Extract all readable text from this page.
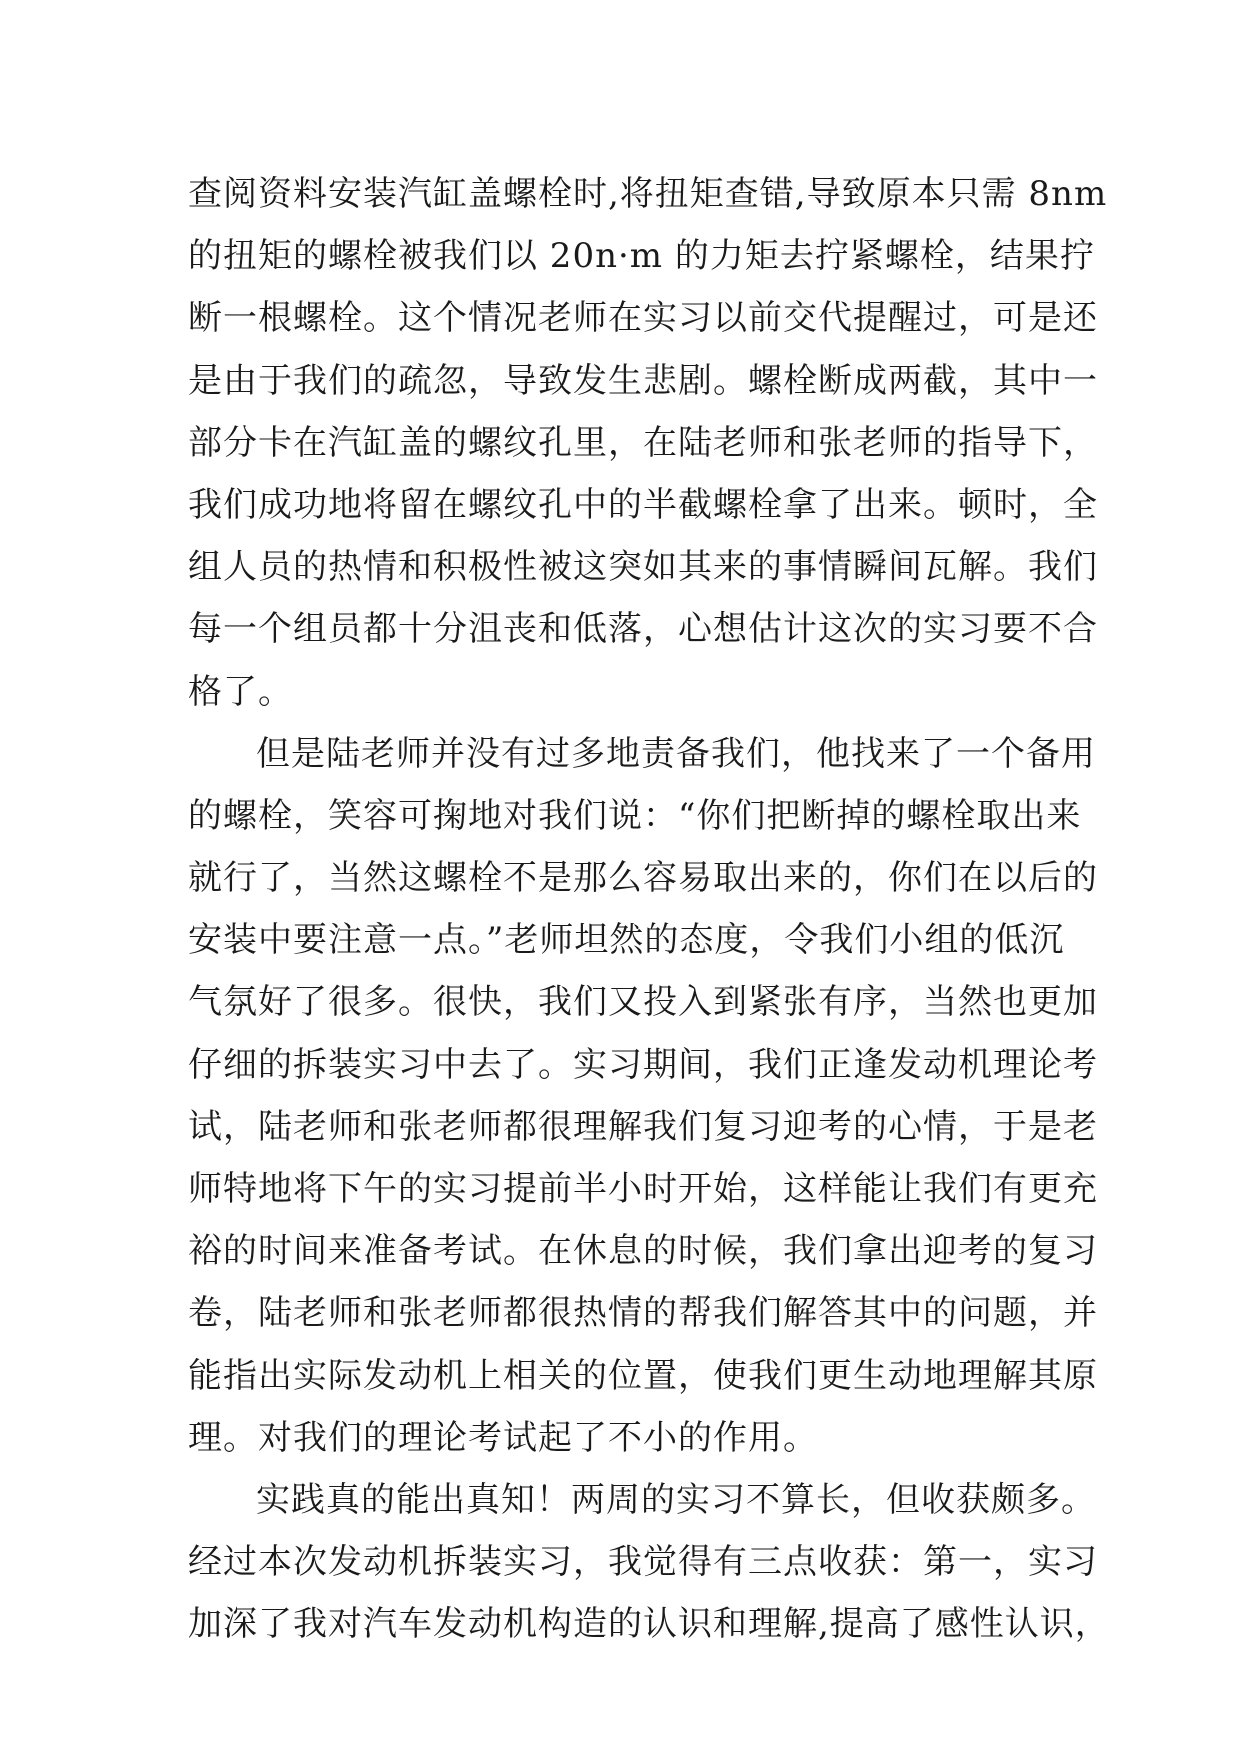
查阅资料安装汽缸盖螺栓时,将扭矩查错,导致原本只需 8nm
的扭矩的螺栓被我们以 20n·m 的力矩去拧紧螺栓，结果拧
断一根螺栓。这个情况老师在实习以前交代提醒过，可是还
是由于我们的疏忽，导致发生悲剧。螺栓断成两截，其中一
部分卡在汽缸盖的螺纹孔里，在陆老师和张老师的指导下，
我们成功地将留在螺纹孔中的半截螺栓拿了出来。顿时，全
组人员的热情和积极性被这突如其来的事情瞬间瓦解。我们
每一个组员都十分沮丧和低落，心想估计这次的实习要不合
格了。
但是陆老师并没有过多地责备我们，他找来了一个备用
的螺栓，笑容可掬地对我们说：“你们把断掉的螺栓取出来
就行了，当然这螺栓不是那么容易取出来的，你们在以后的
安装中要注意一点。”老师坦然的态度，令我们小组的低沉
气氛好了很多。很快，我们又投入到紧张有序，当然也更加
仔细的拆装实习中去了。实习期间，我们正逢发动机理论考
试，陆老师和张老师都很理解我们复习迎考的心情，于是老
师特地将下午的实习提前半小时开始，这样能让我们有更充
裕的时间来准备考试。在休息的时候，我们拿出迎考的复习
卷，陆老师和张老师都很热情的帮我们解答其中的问题，并
能指出实际发动机上相关的位置，使我们更生动地理解其原
理。对我们的理论考试起了不小的作用。
实践真的能出真知！两周的实习不算长，但收获颇多。
经过本次发动机拆装实习，我觉得有三点收获：第一，实习
加深了我对汽车发动机构造的认识和理解,提高了感性认识，
